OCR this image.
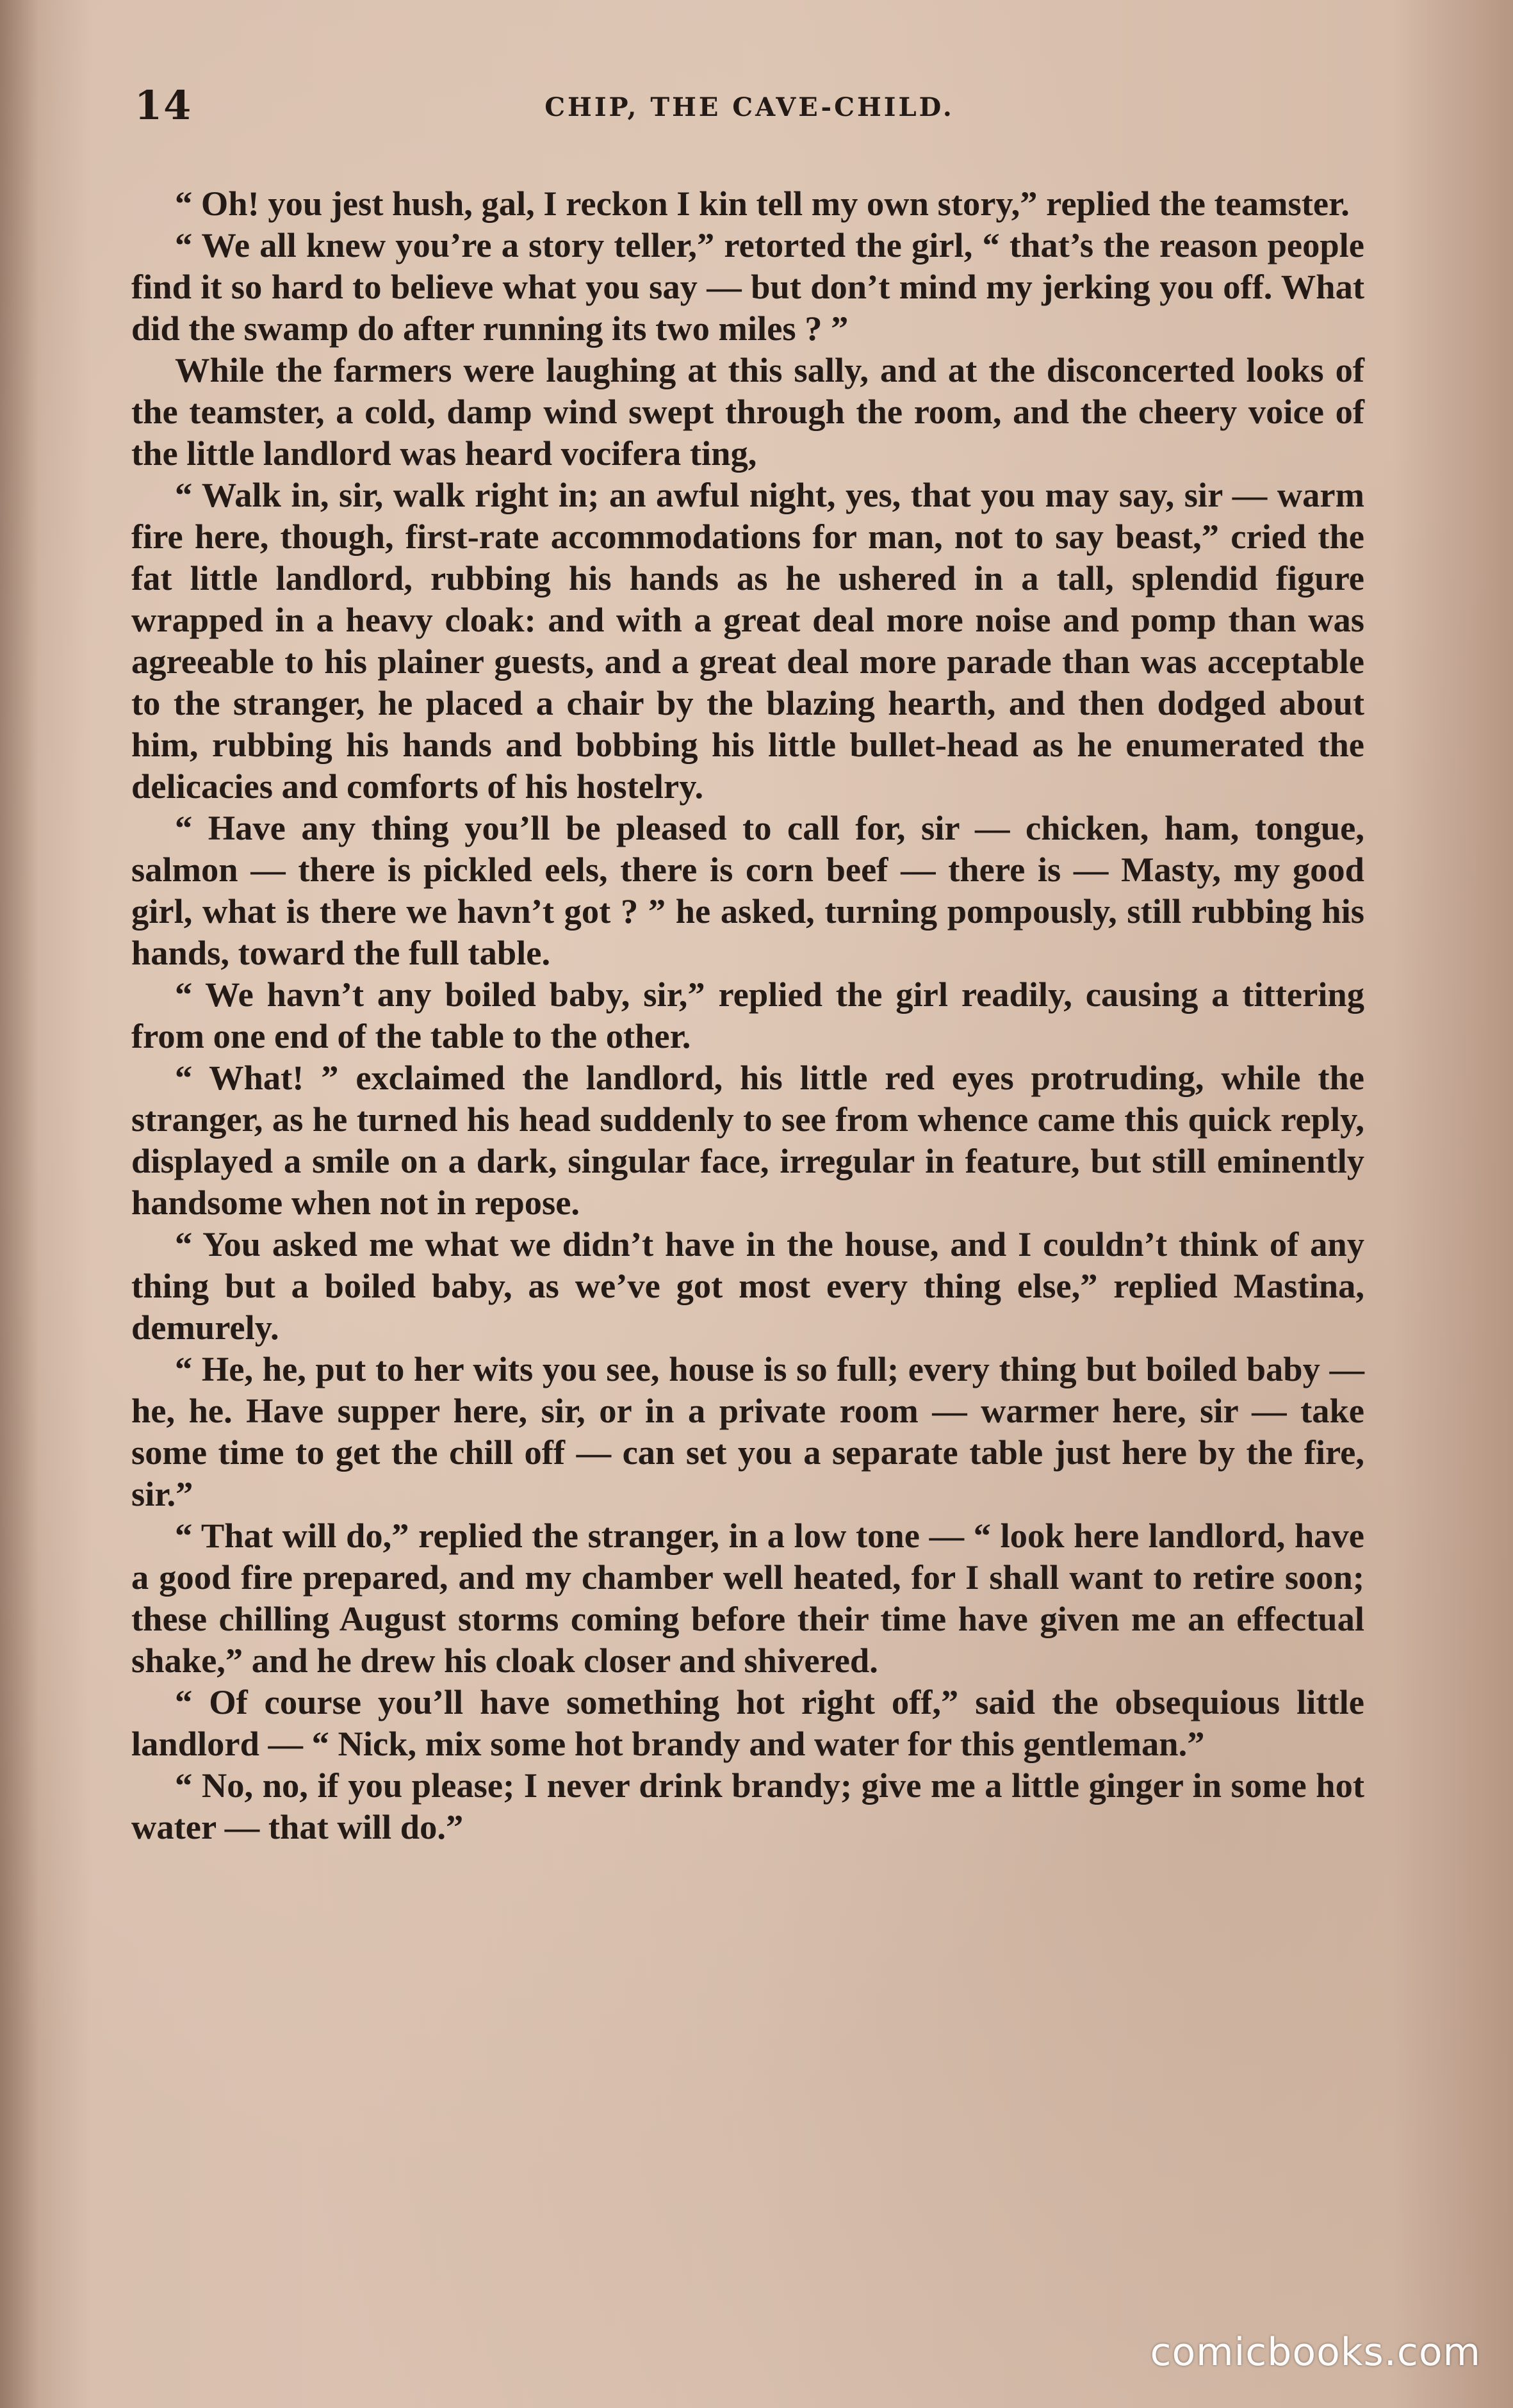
14	CHIP, THE CAVE-CHILD.

“ Oh! you jest hush, gal, I reckon I kin tell my own story,” replied the teamster.

“ We all knew you’re a story teller,” retorted the girl, “ that’s the reason people find it so hard to believe what you say — but don’t mind my jerking you off. What did the swamp do after running its two miles ? ”

While the farmers were laughing at this sally, and at the disconcerted looks of the teamster, a cold, damp wind swept through the room, and the cheery voice of the little landlord was heard vocifera ting,

“ Walk in, sir, walk right in; an awful night, yes, that you may say, sir — warm fire here, though, first-rate accommodations for man, not to say beast,” cried the fat little landlord, rubbing his hands as he ushered in a tall, splendid figure wrapped in a heavy cloak: and with a great deal more noise and pomp than was agreeable to his plainer guests, and a great deal more parade than was acceptable to the stranger, he placed a chair by the blazing hearth, and then dodged about him, rubbing his hands and bobbing his little bullet-head as he enumerated the delicacies and comforts of his hostelry.

“ Have any thing you’ll be pleased to call for, sir — chicken, ham, tongue, salmon — there is pickled eels, there is corn beef — there is — Masty, my good girl, what is there we havn’t got ? ” he asked, turning pompously, still rubbing his hands, toward the full table.

“ We havn’t any boiled baby, sir,” replied the girl readily, causing a tittering from one end of the table to the other.

“ What! ” exclaimed the landlord, his little red eyes protruding, while the stranger, as he turned his head suddenly to see from whence came this quick reply, displayed a smile on a dark, singular face, irregular in feature, but still eminently handsome when not in repose.

“ You asked me what we didn’t have in the house, and I couldn’t think of any thing but a boiled baby, as we’ve got most every thing else,” replied Mastina, demurely.

“ He, he, put to her wits you see, house is so full; every thing but boiled baby — he, he. Have supper here, sir, or in a private room — warmer here, sir — take some time to get the chill off — can set you a separate table just here by the fire, sir.”

“ That will do,” replied the stranger, in a low tone — “ look here landlord, have a good fire prepared, and my chamber well heated, for I shall want to retire soon; these chilling August storms coming before their time have given me an effectual shake,” and he drew his cloak closer and shivered.

“ Of course you’ll have something hot right off,” said the obsequious little landlord — “ Nick, mix some hot brandy and water for this gentleman.”

“ No, no, if you please; I never drink brandy; give me a little ginger in some hot water — that will do.”

comicbooks.com
